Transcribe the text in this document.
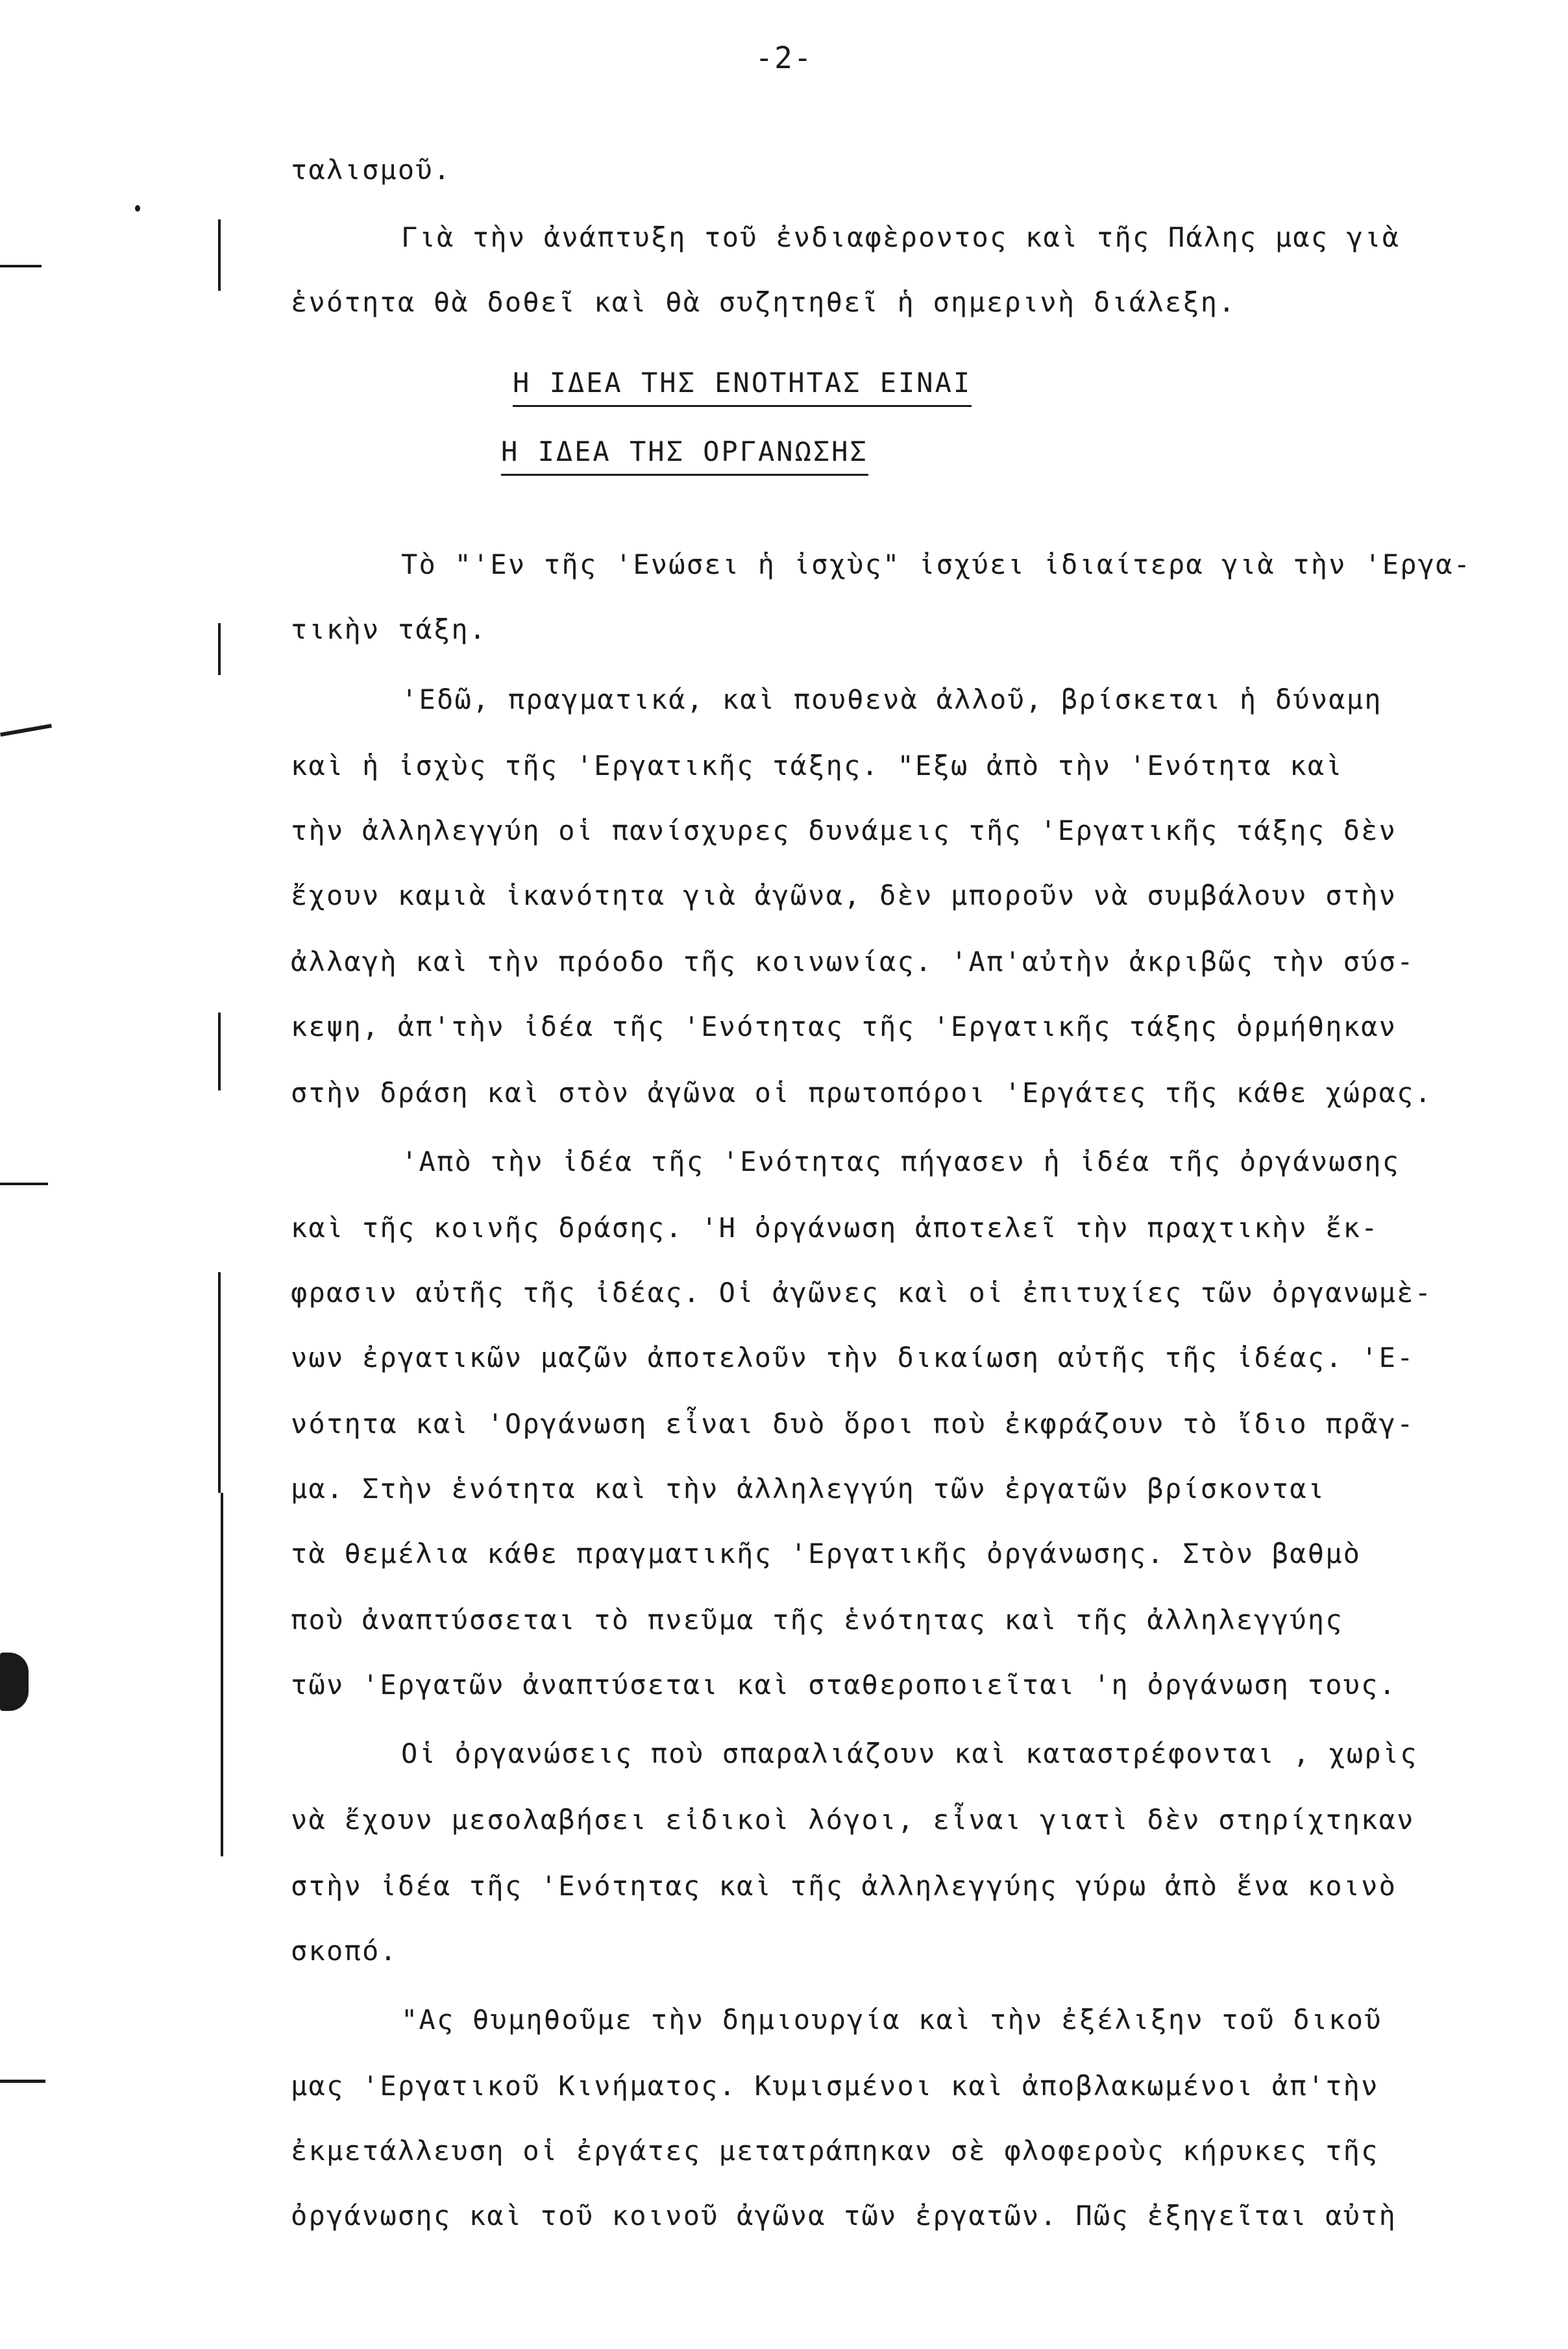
-2-
ταλισμοῦ.
Γιὰ τὴν ἀνάπτυξη τοῦ ἐνδιαφὲροντος καὶ τῆς Πάλης μας γιὰ
ἑνότητα θὰ δοθεῖ καὶ θὰ συζητηθεῖ ἡ σημερινὴ διάλεξη.
Η ΙΔΕΑ ΤΗΣ ΕΝΟΤΗΤΑΣ ΕΙΝΑΙ
Η ΙΔΕΑ ΤΗΣ ΟΡΓΑΝΩΣΗΣ
Τὸ "'Εν τῆς 'Ενώσει ἡ ἰσχὺς" ἰσχύει ἰδιαίτερα γιὰ τὴν 'Εργα-
τικὴν τάξη.
'Εδῶ, πραγματικά, καὶ πουθενὰ ἀλλοῦ, βρίσκεται ἡ δύναμη
καὶ ἡ ἰσχὺς τῆς 'Εργατικῆς τάξης. "Εξω ἀπὸ τὴν 'Ενότητα καὶ
τὴν ἀλληλεγγύη οἱ πανίσχυρες δυνάμεις τῆς 'Εργατικῆς τάξης δὲν
ἔχουν καμιὰ ἱκανότητα γιὰ ἀγῶνα, δὲν μποροῦν νὰ συμβάλουν στὴν
ἀλλαγὴ καὶ τὴν πρόοδο τῆς κοινωνίας. 'Απ'αὐτὴν ἀκριβῶς τὴν σύσ-
κεψη, ἀπ'τὴν ἰδέα τῆς 'Ενότητας τῆς 'Εργατικῆς τάξης ὁρμήθηκαν
στὴν δράση καὶ στὸν ἀγῶνα οἱ πρωτοπόροι 'Εργάτες τῆς κάθε χώρας.
'Απὸ τὴν ἰδέα τῆς 'Ενότητας πήγασεν ἡ ἰδέα τῆς ὀργάνωσης
καὶ τῆς κοινῆς δράσης. 'Η ὀργάνωση ἀποτελεῖ τὴν πραχτικὴν ἔκ-
φρασιν αὐτῆς τῆς ἰδέας. Οἱ ἀγῶνες καὶ οἱ ἐπιτυχίες τῶν ὀργανωμὲ-
νων ἐργατικῶν μαζῶν ἀποτελοῦν τὴν δικαίωση αὐτῆς τῆς ἰδέας. 'Ε-
νότητα καὶ 'Οργάνωση εἶναι δυὸ ὅροι ποὺ ἐκφράζουν τὸ ἴδιο πρᾶγ-
μα. Στὴν ἑνότητα καὶ τὴν ἀλληλεγγύη τῶν ἐργατῶν βρίσκονται
τὰ θεμέλια κάθε πραγματικῆς 'Εργατικῆς ὀργάνωσης. Στὸν βαθμὸ
ποὺ ἀναπτύσσεται τὸ πνεῦμα τῆς ἑνότητας καὶ τῆς ἀλληλεγγύης
τῶν 'Εργατῶν ἀναπτύσεται καὶ σταθεροποιεῖται 'η ὀργάνωση τους.
Οἱ ὀργανώσεις ποὺ σπαραλιάζουν καὶ καταστρέφονται , χωρὶς
νὰ ἔχουν μεσολαβήσει εἰδικοὶ λόγοι, εἶναι γιατὶ δὲν στηρίχτηκαν
στὴν ἰδέα τῆς 'Ενότητας καὶ τῆς ἀλληλεγγύης γύρω ἀπὸ ἕνα κοινὸ
σκοπό.
"Ας θυμηθοῦμε τὴν δημιουργία καὶ τὴν ἐξέλιξην τοῦ δικοῦ
μας 'Εργατικοῦ Κινήματος. Κυμισμένοι καὶ ἀποβλακωμένοι ἀπ'τὴν
ἐκμετάλλευση οἱ ἐργάτες μετατράπηκαν σὲ φλοφεροὺς κήρυκες τῆς
ὀργάνωσης καὶ τοῦ κοινοῦ ἀγῶνα τῶν ἐργατῶν. Πῶς ἐξηγεῖται αὐτὴ
